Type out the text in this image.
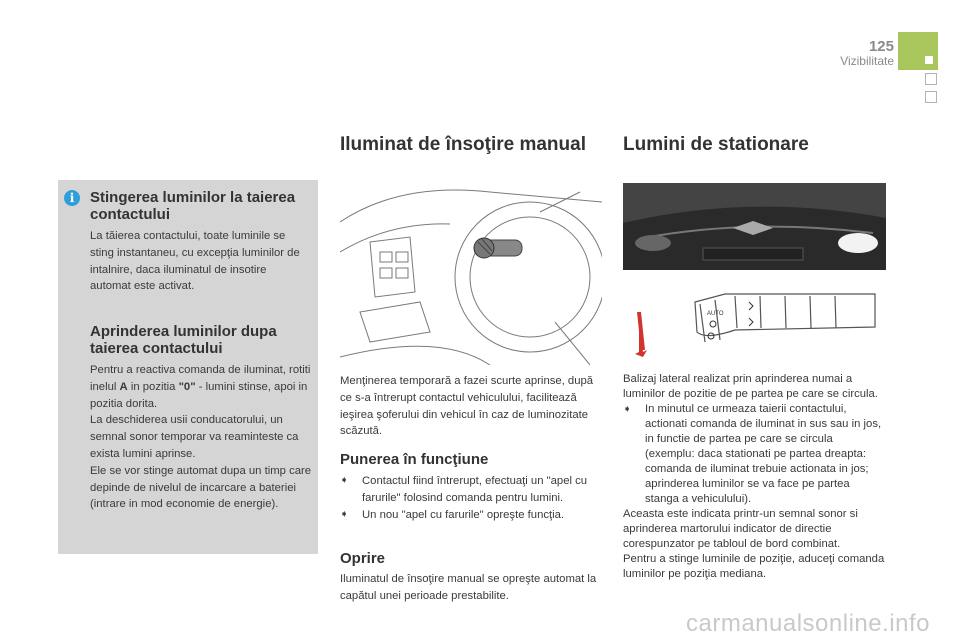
125
Vizibilitate
i	Stingerea luminilor la taierea contactului
La tăierea contactului, toate luminile se sting instantaneu, cu excepţia luminilor de intalnire, daca iluminatul de insotire automat este activat.
Aprinderea luminilor dupa taierea contactului
Pentru a reactiva comanda de iluminat, rotiti inelul A in pozitia "0" - lumini stinse, apoi in pozitia dorita.
La deschiderea usii conducatorului, un semnal sonor temporar va reaminteste ca exista lumini aprinse.
Ele se vor stinge automat dupa un timp care depinde de nivelul de incarcare a bateriei (intrare in mod economie de energie).
Iluminat de însoţire manual
Menţinerea temporară a fazei scurte aprinse, după ce s-a întrerupt contactul vehiculului, facilitează ieşirea şoferului din vehicul în caz de luminozitate scăzută.
Punerea în funcţiune
➧ Contactul fiind întrerupt, efectuaţi un "apel cu farurile" folosind comanda pentru lumini.
➧ Un nou "apel cu farurile" opreşte funcţia.
Oprire
Iluminatul de însoţire manual se opreşte automat la capătul unei perioade prestabilite.
Lumini de stationare
AUTO
Balizaj lateral realizat prin aprinderea numai a luminilor de pozitie de pe partea pe care se circula.
➧ In minutul ce urmeaza taierii contactului, actionati comanda de iluminat in sus sau in jos, in functie de partea pe care se circula (exemplu: daca stationati pe partea dreapta: comanda de iluminat trebuie actionata in jos; aprinderea luminilor se va face pe partea stanga a vehiculului).
Aceasta este indicata printr-un semnal sonor si aprinderea martorului indicator de directie corespunzator pe tabloul de bord combinat.
Pentru a stinge luminile de poziţie, aduceţi comanda luminilor pe poziţia mediana.
carmanualsonline.info
